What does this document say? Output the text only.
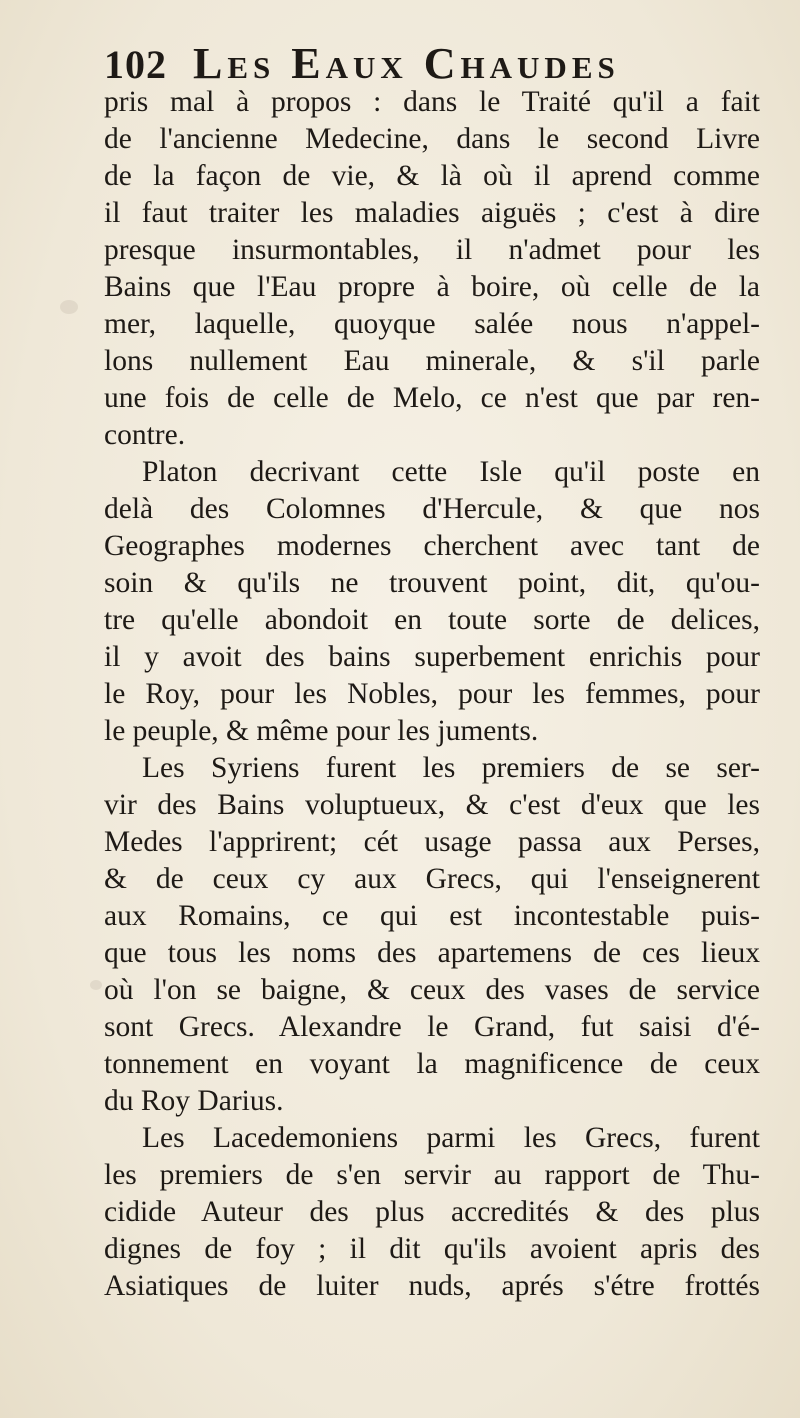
102 Les Eaux Chaudes
pris mal à propos : dans le Traité qu'il a fait
de l'ancienne Medecine, dans le second Livre
de la façon de vie, & là où il aprend comme
il faut traiter les maladies aiguës ; c'est à dire
presque insurmontables, il n'admet pour les
Bains que l'Eau propre à boire, où celle de la
mer, laquelle, quoyque salée nous n'appel-
lons nullement Eau minerale, & s'il parle
une fois de celle de Melo, ce n'est que par ren-
contre.
Platon decrivant cette Isle qu'il poste en
delà des Colomnes d'Hercule, & que nos
Geographes modernes cherchent avec tant de
soin & qu'ils ne trouvent point, dit, qu'ou-
tre qu'elle abondoit en toute sorte de delices,
il y avoit des bains superbement enrichis pour
le Roy, pour les Nobles, pour les femmes, pour
le peuple, & même pour les juments.
Les Syriens furent les premiers de se ser-
vir des Bains voluptueux, & c'est d'eux que les
Medes l'apprirent; cét usage passa aux Perses,
& de ceux cy aux Grecs, qui l'enseignerent
aux Romains, ce qui est incontestable puis-
que tous les noms des apartemens de ces lieux
où l'on se baigne, & ceux des vases de service
sont Grecs. Alexandre le Grand, fut saisi d'é-
tonnement en voyant la magnificence de ceux
du Roy Darius.
Les Lacedemoniens parmi les Grecs, furent
les premiers de s'en servir au rapport de Thu-
cidide Auteur des plus accredités & des plus
dignes de foy ; il dit qu'ils avoient apris des
Asiatiques de luiter nuds, aprés s'étre frottés
